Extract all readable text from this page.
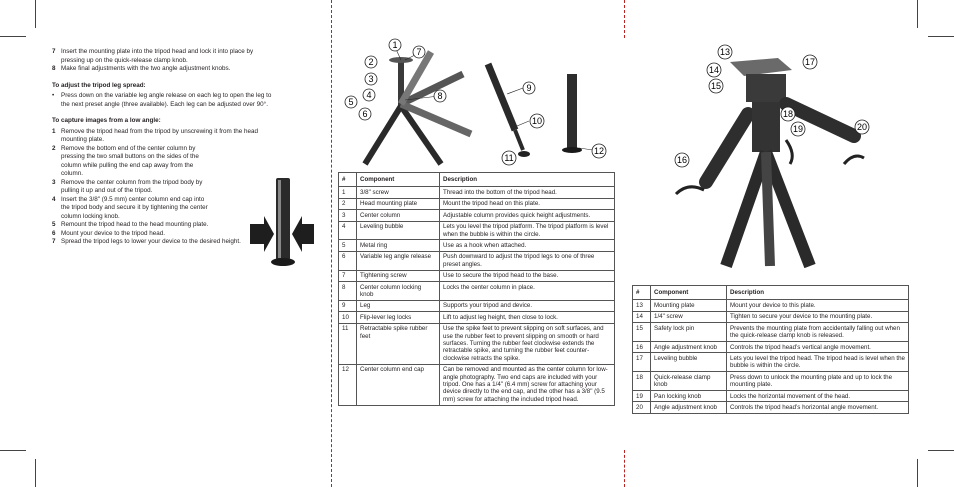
7 Insert the mounting plate into the tripod head and lock it into place by pressing up on the quick-release clamp knob.
8 Make final adjustments with the two angle adjustment knobs.
To adjust the tripod leg spread:
•	Press down on the variable leg angle release on each leg to open the leg to the next preset angle (three available). Each leg can be adjusted over 90°.
To capture images from a low angle:
1 Remove the tripod head from the tripod by unscrewing it from the head mounting plate.
2 Remove the bottom end of the center column by pressing the two small buttons on the sides of the column while pulling the end cap away from the column.
3 Remove the center column from the tripod body by pulling it up and out of the tripod.
4 Insert the 3/8" (9.5 mm) center column end cap into the tripod body and secure it by tightening the center column locking knob.
5 Remount the tripod head to the head mounting plate.
6 Mount your device to the tripod head.
7 Spread the tripod legs to lower your device to the desired height.
1
2
3
4
5
6
7
8
9
10
11
12
13
14
15
16
17
18
19	20
#	Component	Description
1	3/8" screw	Thread into the bottom of the tripod head.
2	Head mounting plate	Mount the tripod head on this plate.
3	Center column	Adjustable column provides quick height adjustments.
4	Leveling bubble	Lets you level the tripod platform. The tripod platform is level when the bubble is within the circle.
5	Metal ring	Use as a hook when attached.
6	Variable leg angle release	Push downward to adjust the tripod legs to one of three preset angles.
7	Tightening screw	Use to secure the tripod head to the base.
8	Center column locking knob	Locks the center column in place.
9	Leg	Supports your tripod and device.
10	Flip-lever leg locks	Lift to adjust leg height, then close to lock.
11	Retractable spike rubber feet	Use the spike feet to prevent slipping on soft surfaces, and use the rubber feet to prevent slipping on smooth or hard surfaces. Turning the rubber feet clockwise extends the retractable spike, and turning the rubber feet counter-clockwise retracts the spike.
12	Center column end cap	Can be removed and mounted as the center column for low-angle photography. Two end caps are included with your tripod. One has a 1/4" (6.4 mm) screw for attaching your device directly to the end cap, and the other has a 3/8" (9.5 mm) screw for attaching the included tripod head.
#	Component	Description
13	Mounting plate	Mount your device to this plate.
14	1/4" screw	Tighten to secure your device to the mounting plate.
15	Safety lock pin	Prevents the mounting plate from accidentally falling out when the quick-release clamp knob is released.
16	Angle adjustment knob	Controls the tripod head’s vertical angle movement.
17	Leveling bubble	Lets you level the tripod head. The tripod head is level when the bubble is within the circle.
18	Quick-release clamp knob	Press down to unlock the mounting plate and up to lock the mounting plate.
19	Pan locking knob	Locks the horizontal movement of the head.
20	Angle adjustment knob	Controls the tripod head’s horizontal angle movement.
